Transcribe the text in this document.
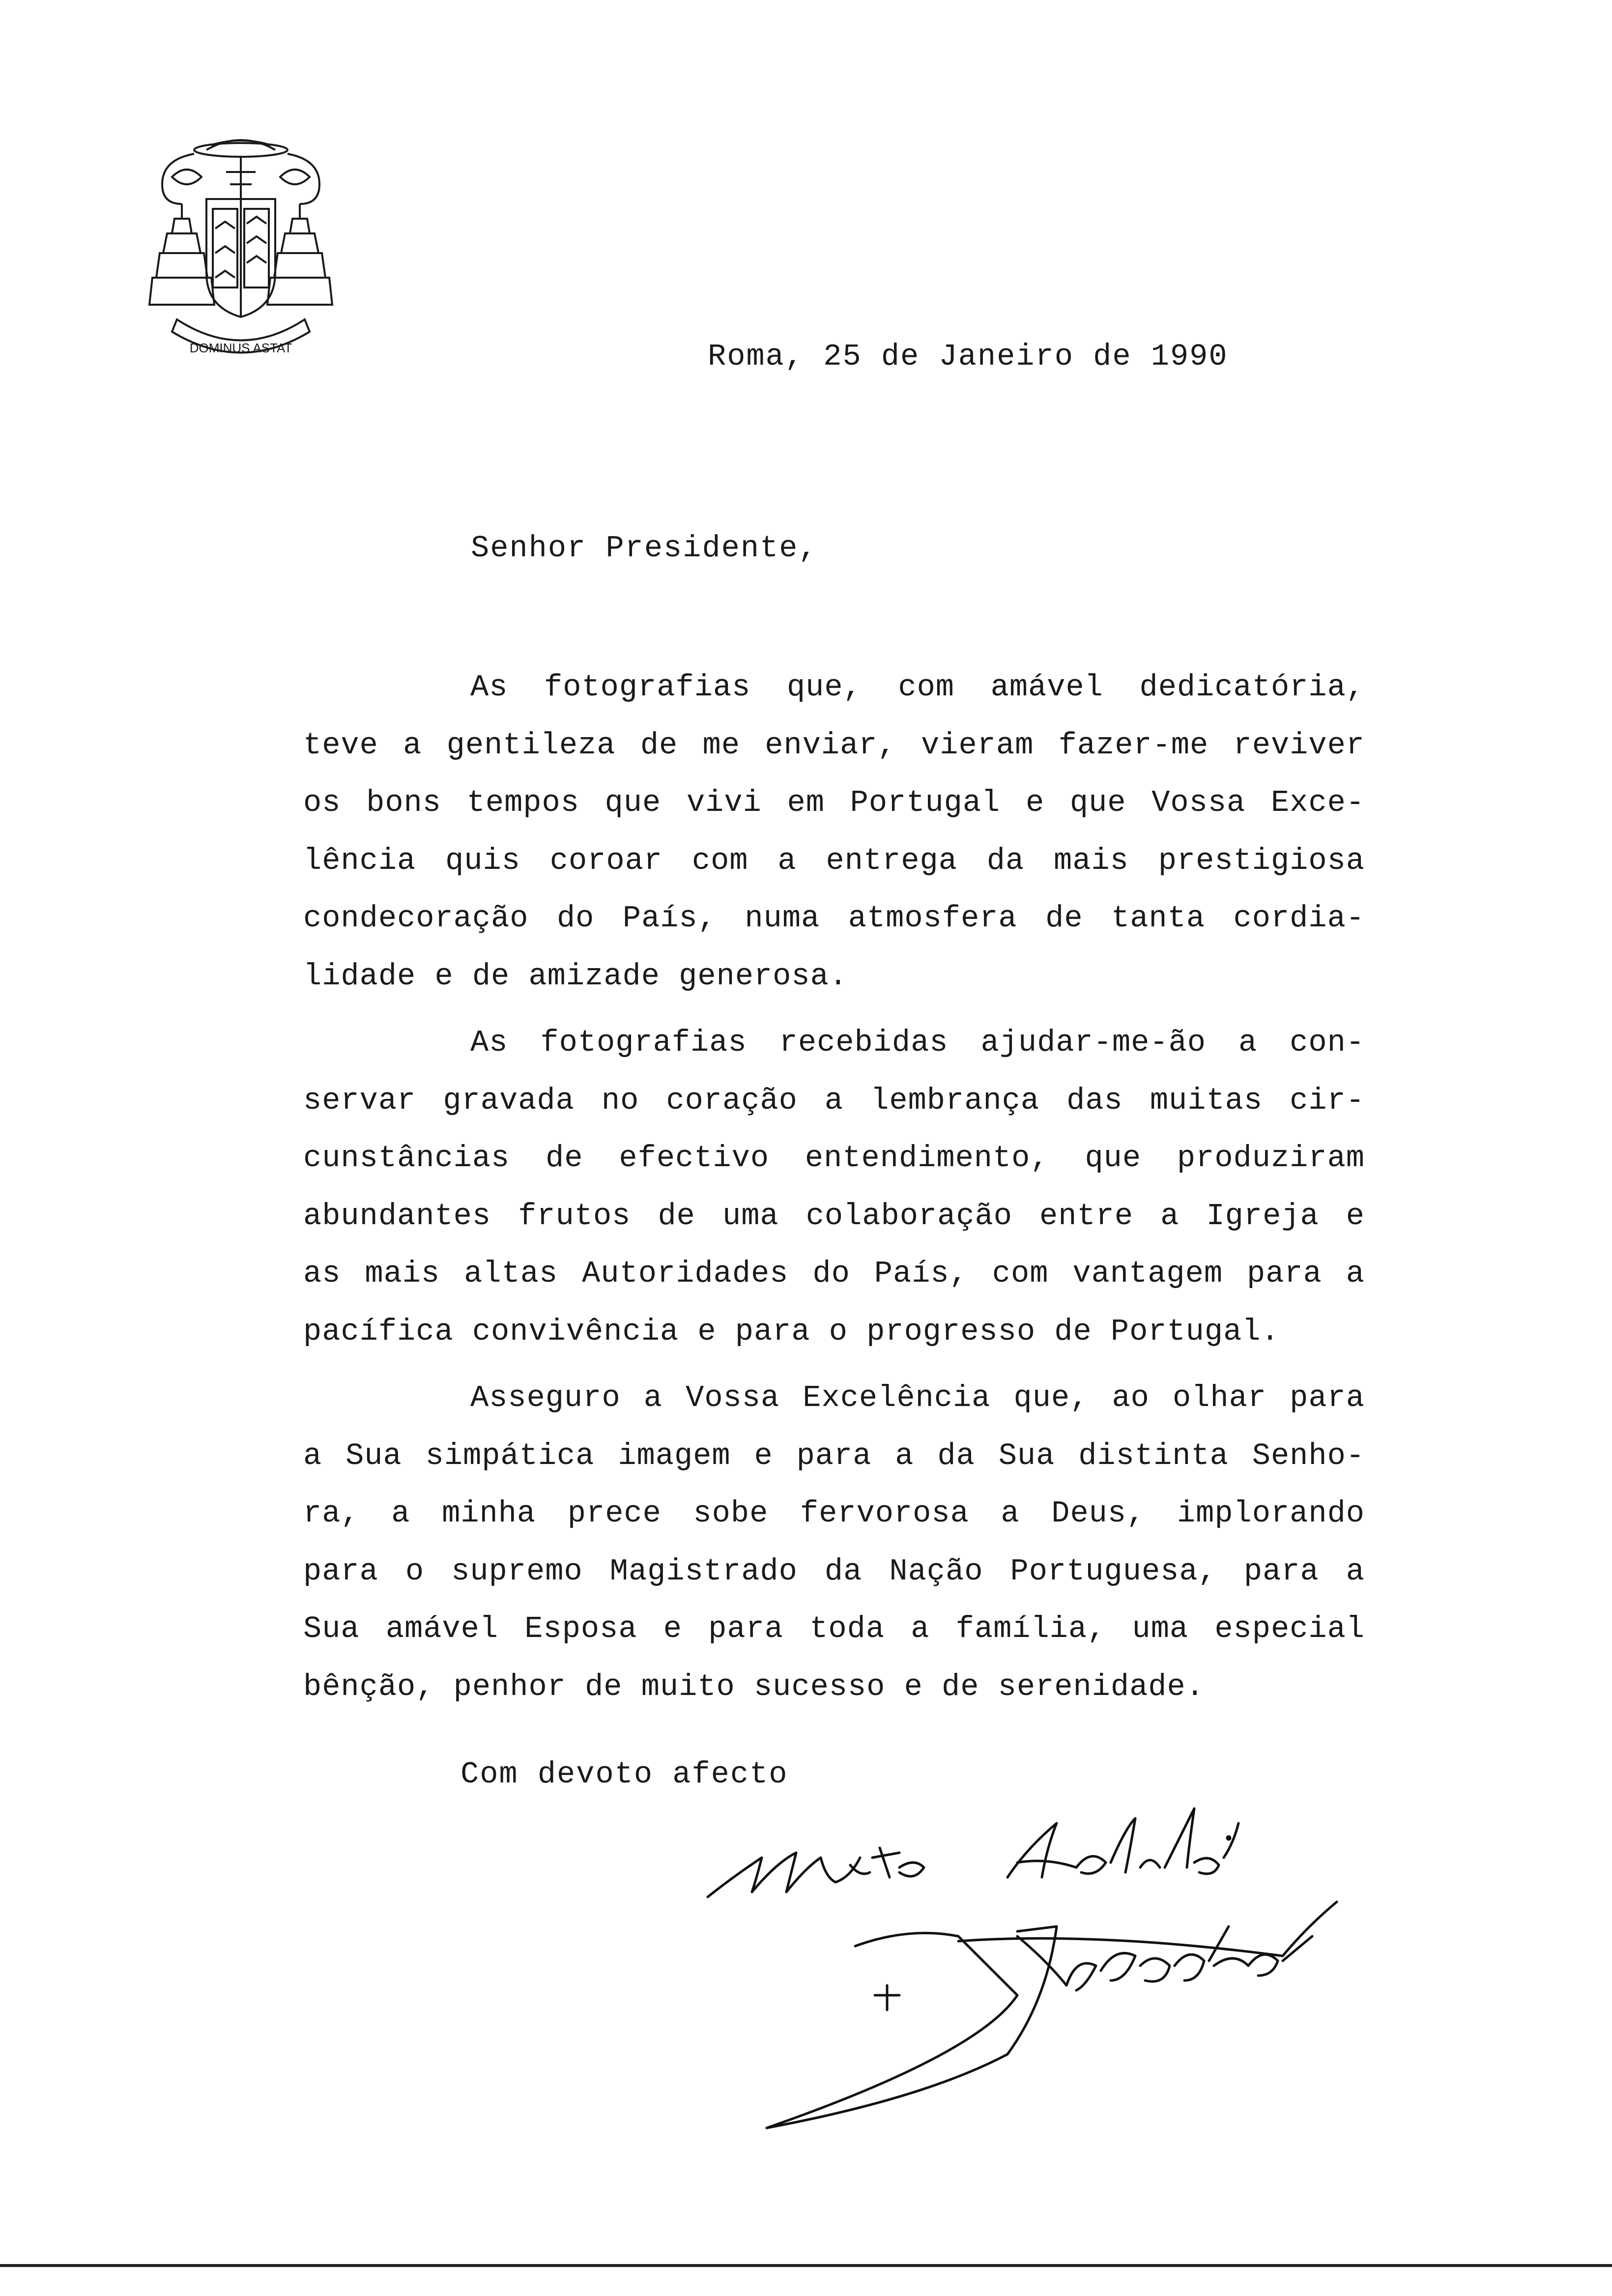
DOMINUS ASTAT	Roma, 25 de Janeiro de 1990
Senhor Presidente,

As fotografias que, com amável dedicatória,
teve a gentileza de me enviar, vieram fazer-me reviver
os bons tempos que vivi em Portugal e que Vossa Exce-
lência quis coroar com a entrega da mais prestigiosa
condecoração do País, numa atmosfera de tanta cordia-
lidade e de amizade generosa.

As fotografias recebidas ajudar-me-ão a con-
servar gravada no coração a lembrança das muitas cir-
cunstâncias de efectivo entendimento, que produziram
abundantes frutos de uma colaboração entre a Igreja e
as mais altas Autoridades do País, com vantagem para a
pacífica convivência e para o progresso de Portugal.

Asseguro a Vossa Excelência que, ao olhar para
a Sua simpática imagem e para a da Sua distinta Senho-
ra, a minha prece sobe fervorosa a Deus, implorando
para o supremo Magistrado da Nação Portuguesa, para a
Sua amável Esposa e para toda a família, uma especial
bênção, penhor de muito sucesso e de serenidade.

Com devoto afecto
